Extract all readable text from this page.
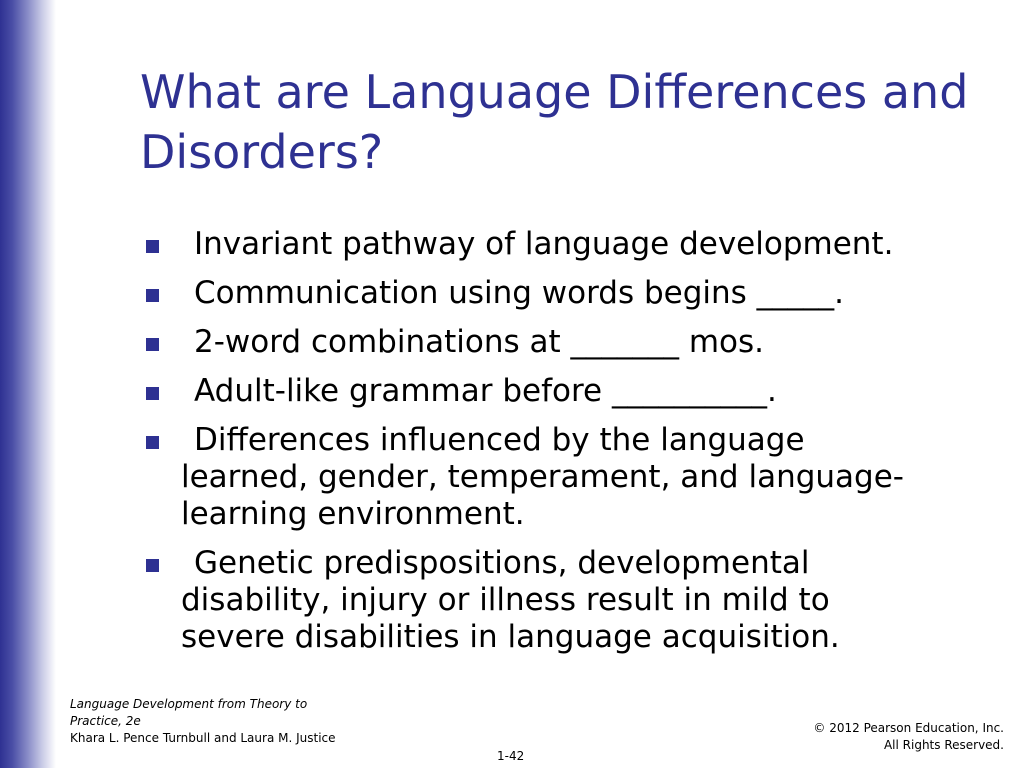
What are Language Differences and Disorders?
Invariant pathway of language development.
Communication using words begins _____.
2-word combinations at _______ mos.
Adult-like grammar before __________.
Differences influenced by the language learned, gender, temperament, and language-learning environment.
Genetic predispositions, developmental disability, injury or illness result in mild to severe disabilities in language acquisition.
Language Development from Theory to Practice, 2e
Khara L. Pence Turnbull and Laura M. Justice
© 2012 Pearson Education, Inc.
All Rights Reserved.
1-42
